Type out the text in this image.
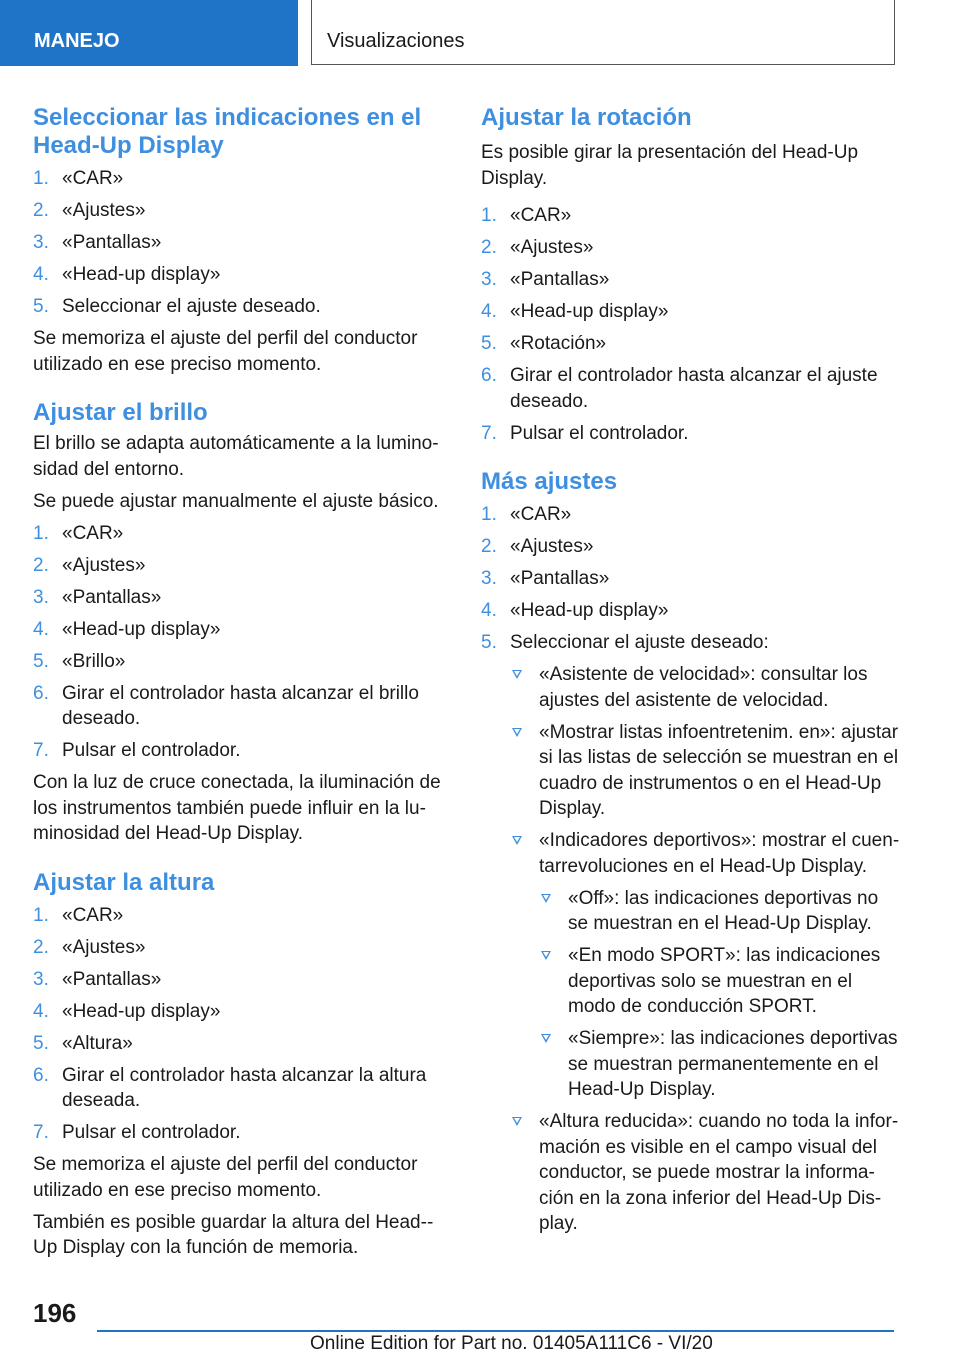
MANEJO	Visualizaciones
Seleccionar las indicaciones en el Head-Up Display
1. «CAR»
2. «Ajustes»
3. «Pantallas»
4. «Head-up display»
5. Seleccionar el ajuste deseado.

Se memoriza el ajuste del perfil del conductor utilizado en ese preciso momento.

Ajustar el brillo

El brillo se adapta automáticamente a la luminosidad del entorno.

Se puede ajustar manualmente el ajuste básico.

1. «CAR»
2. «Ajustes»
3. «Pantallas»
4. «Head-up display»
5. «Brillo»
6. Girar el controlador hasta alcanzar el brillo deseado.
7. Pulsar el controlador.

Con la luz de cruce conectada, la iluminación de los instrumentos también puede influir en la luminosidad del Head-Up Display.

Ajustar la altura
1. «CAR»
2. «Ajustes»
3. «Pantallas»
4. «Head-up display»
5. «Altura»
6. Girar el controlador hasta alcanzar la altura deseada.
7. Pulsar el controlador.

Se memoriza el ajuste del perfil del conductor utilizado en ese preciso momento.

También es posible guardar la altura del Head-Up Display con la función de memoria.

Ajustar la rotación

Es posible girar la presentación del Head-Up Display.

1. «CAR»
2. «Ajustes»
3. «Pantallas»
4. «Head-up display»
5. «Rotación»
6. Girar el controlador hasta alcanzar el ajuste deseado.
7. Pulsar el controlador.
Más ajustes
1. «CAR»
2. «Ajustes»
3. «Pantallas»
4. «Head-up display»
5. Seleccionar el ajuste deseado:
«Asistente de velocidad»: consultar los ajustes del asistente de velocidad.
«Mostrar listas infoentretenim. en»: ajustar si las listas de selección se muestran en el cuadro de instrumentos o en el Head-Up Display.
«Indicadores deportivos»: mostrar el cuentarrevoluciones en el Head-Up Display.
«Off»: las indicaciones deportivas no se muestran en el Head-Up Display.
«En modo SPORT»: las indicaciones deportivas solo se muestran en el modo de conducción SPORT.
«Siempre»: las indicaciones deportivas se muestran permanentemente en el Head-Up Display.
«Altura reducida»: cuando no toda la información es visible en el campo visual del conductor, se puede mostrar la información en la zona inferior del Head-Up Display.
196
Online Edition for Part no. 01405A111C6 - VI/20
